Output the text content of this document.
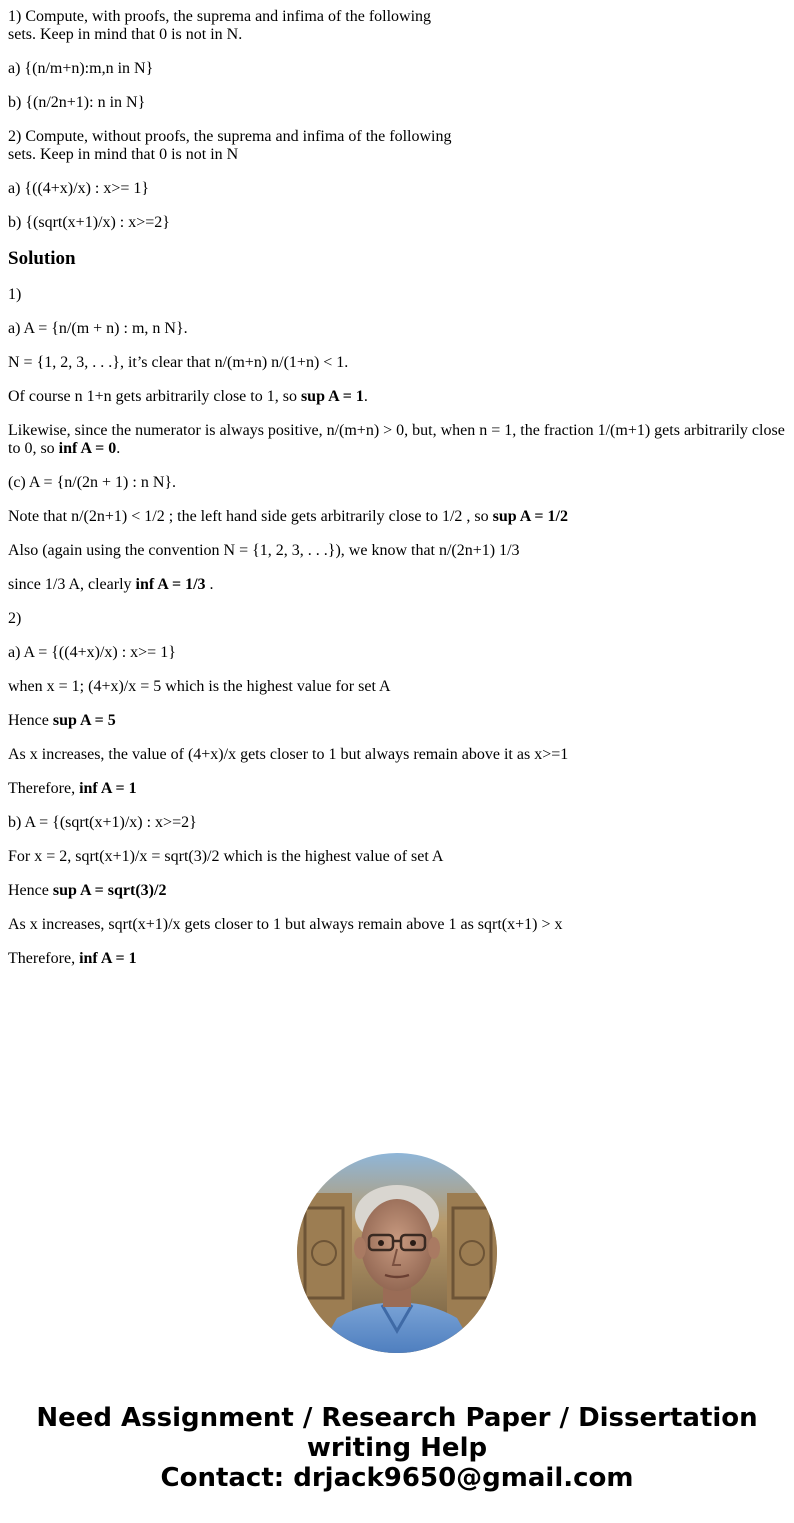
1) Compute, with proofs, the suprema and infima of the following
sets. Keep in mind that 0 is not in N.

a) {(n/m+n):m,n in N}

b) {(n/2n+1): n in N}

2) Compute, without proofs, the suprema and infima of the following
sets. Keep in mind that 0 is not in N

a) {((4+x)/x) : x>= 1}

b) {(sqrt(x+1)/x) : x>=2}

Solution

1)

a) A = {n/(m + n) : m, n N}.

N = {1, 2, 3, . . .}, it’s clear that n/(m+n) n/(1+n) < 1.

Of course n 1+n gets arbitrarily close to 1, so sup A = 1.

Likewise, since the numerator is always positive, n/(m+n) > 0, but, when n = 1, the fraction 1/(m+1) gets arbitrarily close to 0, so inf A = 0.

(c) A = {n/(2n + 1) : n N}.

Note that n/(2n+1) < 1/2 ; the left hand side gets arbitrarily close to 1/2 , so sup A = 1/2

Also (again using the convention N = {1, 2, 3, . . .}), we know that n/(2n+1) 1/3

since 1/3 A, clearly inf A = 1/3 .

2)

a) A = {((4+x)/x) : x>= 1}

when x = 1; (4+x)/x = 5 which is the highest value for set A

Hence sup A = 5

As x increases, the value of (4+x)/x gets closer to 1 but always remain above it as x>=1

Therefore, inf A = 1

b) A = {(sqrt(x+1)/x) : x>=2}

For x = 2, sqrt(x+1)/x = sqrt(3)/2 which is the highest value of set A

Hence sup A = sqrt(3)/2

As x increases, sqrt(x+1)/x gets closer to 1 but always remain above 1 as sqrt(x+1) > x

Therefore, inf A = 1

Need Assignment / Research Paper / Dissertation
writing Help
Contact: drjack9650@gmail.com
